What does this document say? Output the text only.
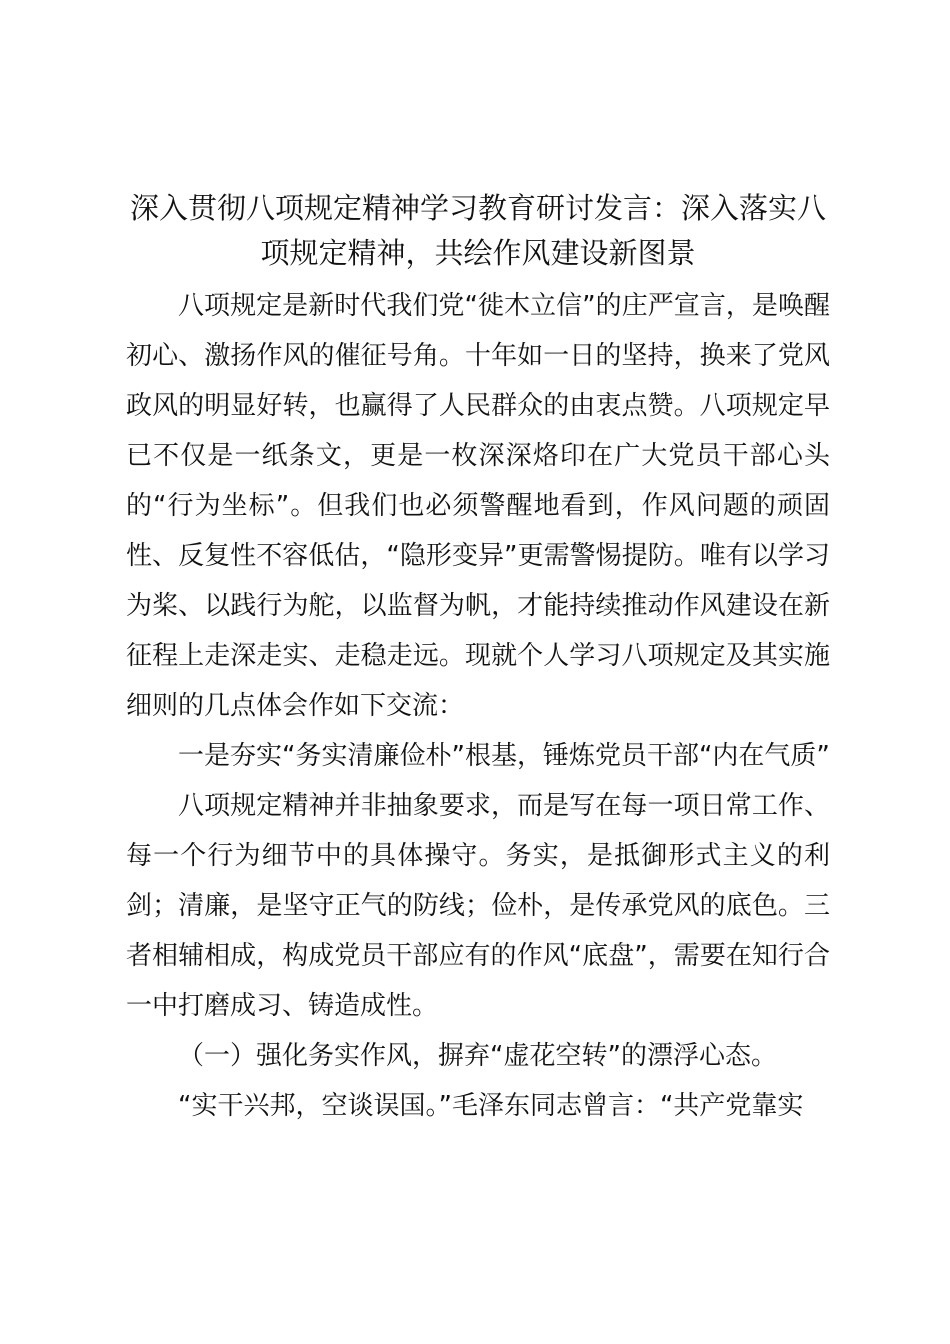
深入贯彻八项规定精神学习教育研讨发言：深入落实八
项规定精神，共绘作风建设新图景

八项规定是新时代我们党“徙木立信”的庄严宣言，是唤醒初心、激扬作风的催征号角。十年如一日的坚持，换来了党风政风的明显好转，也赢得了人民群众的由衷点赞。八项规定早已不仅是一纸条文，更是一枚深深烙印在广大党员干部心头的“行为坐标”。但我们也必须警醒地看到，作风问题的顽固性、反复性不容低估，“隐形变异”更需警惕提防。唯有以学习为桨、以践行为舵，以监督为帆，才能持续推动作风建设在新征程上走深走实、走稳走远。现就个人学习八项规定及其实施细则的几点体会作如下交流：

一是夯实“务实清廉俭朴”根基，锤炼党员干部“内在气质”

八项规定精神并非抽象要求，而是写在每一项日常工作、每一个行为细节中的具体操守。务实，是抵御形式主义的利剑；清廉，是坚守正气的防线；俭朴，是传承党风的底色。三者相辅相成，构成党员干部应有的作风“底盘”，需要在知行合一中打磨成习、铸造成性。

（一）强化务实作风，摒弃“虚花空转”的漂浮心态。

“实干兴邦，空谈误国。”毛泽东同志曾言：“共产党靠实
